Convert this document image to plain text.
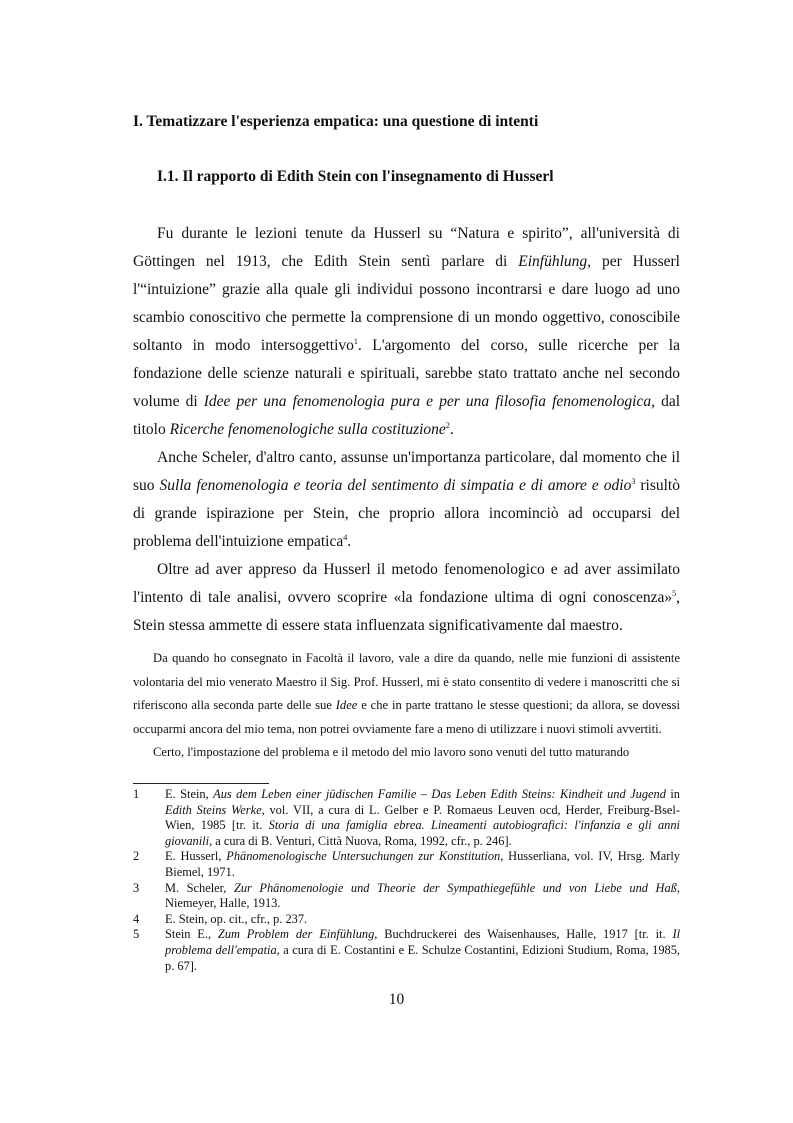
I. Tematizzare l'esperienza empatica: una questione di intenti
I.1. Il rapporto di Edith Stein con l'insegnamento di Husserl

Fu durante le lezioni tenute da Husserl su “Natura e spirito”, all'università di Göttingen nel 1913, che Edith Stein sentì parlare di Einfühlung, per Husserl l'“intuizione” grazie alla quale gli individui possono incontrarsi e dare luogo ad uno scambio conoscitivo che permette la comprensione di un mondo oggettivo, conoscibile soltanto in modo intersoggettivo$^1$. L'argomento del corso, sulle ricerche per la fondazione delle scienze naturali e spirituali, sarebbe stato trattato anche nel secondo volume di Idee per una fenomenologia pura e per una filosofia fenomenologica, dal titolo Ricerche fenomenologiche sulla costituzione$^2$.

Anche Scheler, d'altro canto, assunse un'importanza particolare, dal momento che il suo Sulla fenomenologia e teoria del sentimento di simpatia e di amore e odio$^3$ risultò di grande ispirazione per Stein, che proprio allora incominciò ad occuparsi del problema dell'intuizione empatica$^4$.

Oltre ad aver appreso da Husserl il metodo fenomenologico e ad aver assimilato l'intento di tale analisi, ovvero scoprire «la fondazione ultima di ogni conoscenza»$^5$, Stein stessa ammette di essere stata influenzata significativamente dal maestro.

Da quando ho consegnato in Facoltà il lavoro, vale a dire da quando, nelle mie funzioni di assistente volontaria del mio venerato Maestro il Sig. Prof. Husserl, mi è stato consentito di vedere i manoscritti che si riferiscono alla seconda parte delle sue Idee e che in parte trattano le stesse questioni; da allora, se dovessi occuparmi ancora del mio tema, non potrei ovviamente fare a meno di utilizzare i nuovi stimoli avvertiti.

Certo, l'impostazione del problema e il metodo del mio lavoro sono venuti del tutto maturando

1 E. Stein, Aus dem Leben einer jüdischen Familie – Das Leben Edith Steins: Kindheit und Jugend in Edith Steins Werke, vol. VII, a cura di L. Gelber e P. Romaeus Leuven ocd, Herder, Freiburg-Bsel-Wien, 1985 [tr. it. Storia di una famiglia ebrea. Lineamenti autobiografici: l'infanzia e gli anni giovanili, a cura di B. Venturi, Città Nuova, Roma, 1992, cfr., p. 246].
2 E. Husserl, Phänomenologische Untersuchungen zur Konstitution, Husserliana, vol. IV, Hrsg. Marly Biemel, 1971.
3 M. Scheler, Zur Phänomenologie und Theorie der Sympathiegefühle und von Liebe und Haß, Niemeyer, Halle, 1913.
4 E. Stein, op. cit., cfr., p. 237.
5 Stein E., Zum Problem der Einfühlung, Buchdruckerei des Waisenhauses, Halle, 1917 [tr. it. Il problema dell'empatia, a cura di E. Costantini e E. Schulze Costantini, Edizioni Studium, Roma, 1985, p. 67].
10
